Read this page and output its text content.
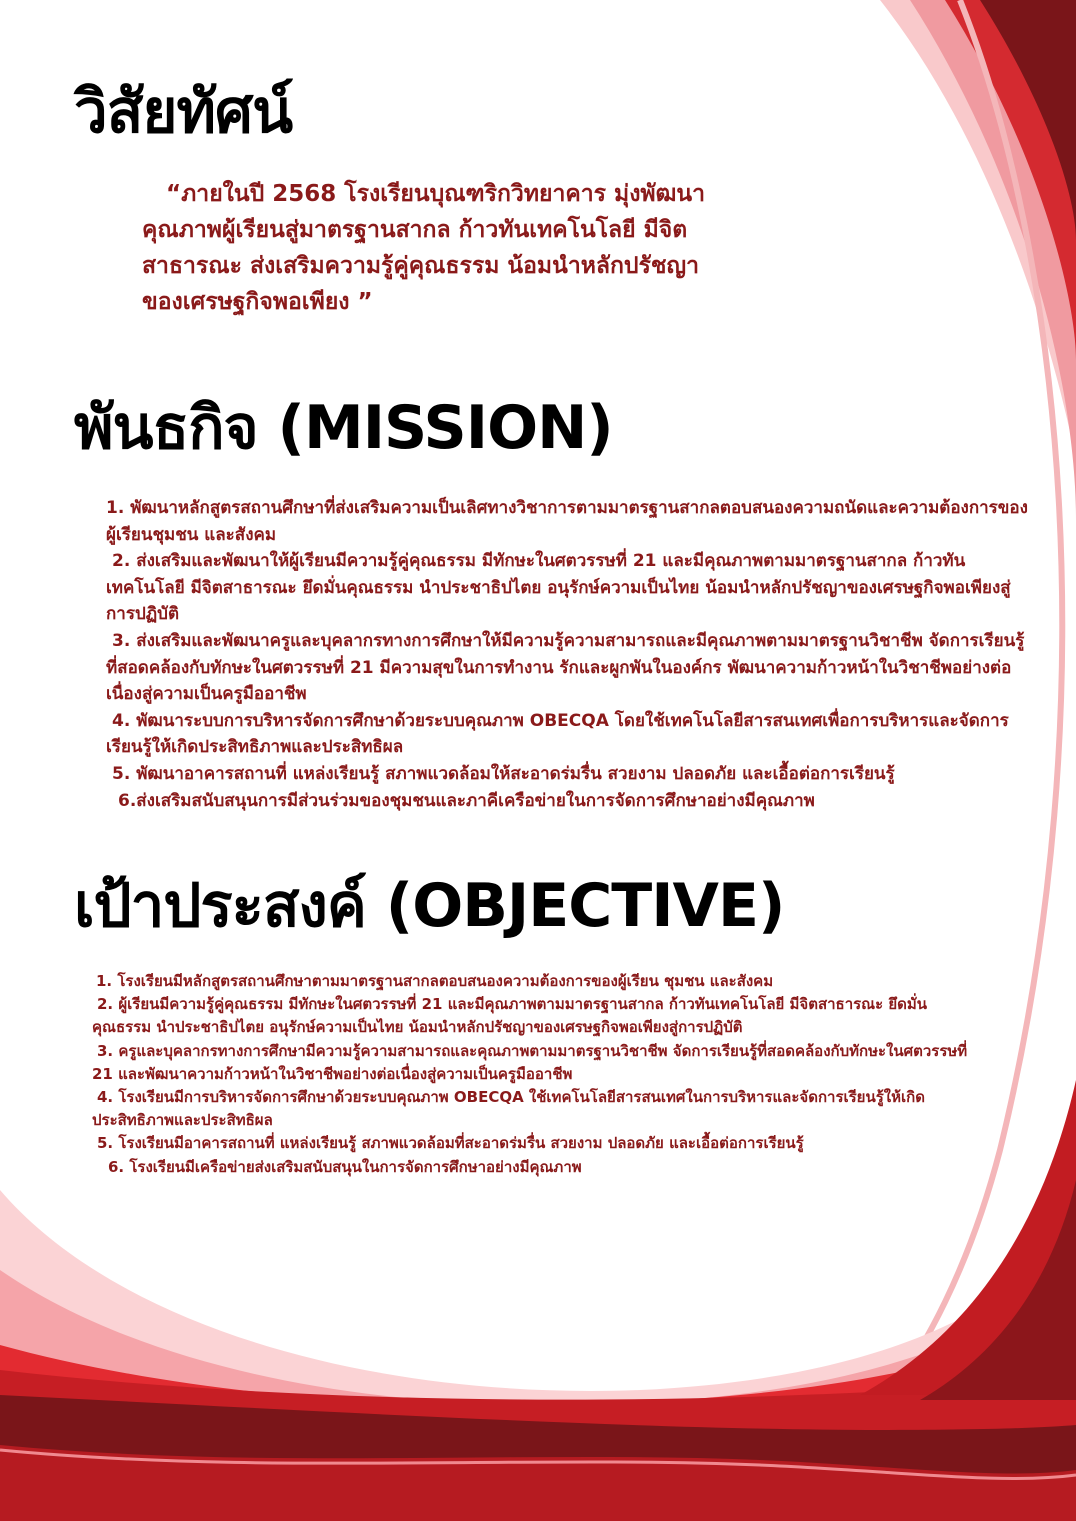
วิสัยทัศน์

“ภายในปี 2568 โรงเรียนบุณฑริกวิทยาคาร มุ่งพัฒนา
คุณภาพผู้เรียนสู่มาตรฐานสากล ก้าวทันเทคโนโลยี มีจิต
สาธารณะ ส่งเสริมความรู้คู่คุณธรรม น้อมนำหลักปรัชญา
ของเศรษฐกิจพอเพียง ”

พันธกิจ (MISSION)
1. พัฒนาหลักสูตรสถานศึกษาที่ส่งเสริมความเป็นเลิศทางวิชาการตามมาตรฐานสากลตอบสนองความถนัดและความต้องการของผู้เรียนชุมชน และสังคม
2. ส่งเสริมและพัฒนาให้ผู้เรียนมีความรู้คู่คุณธรรม มีทักษะในศตวรรษที่ 21 และมีคุณภาพตามมาตรฐานสากล ก้าวทันเทคโนโลยี มีจิตสาธารณะ ยึดมั่นคุณธรรม นำประชาธิปไตย อนุรักษ์ความเป็นไทย น้อมนำหลักปรัชญาของเศรษฐกิจพอเพียงสู่การปฏิบัติ
3. ส่งเสริมและพัฒนาครูและบุคลากรทางการศึกษาให้มีความรู้ความสามารถและมีคุณภาพตามมาตรฐานวิชาชีพ จัดการเรียนรู้ที่สอดคล้องกับทักษะในศตวรรษที่ 21 มีความสุขในการทำงาน รักและผูกพันในองค์กร พัฒนาความก้าวหน้าในวิชาชีพอย่างต่อเนื่องสู่ความเป็นครูมืออาชีพ
4. พัฒนาระบบการบริหารจัดการศึกษาด้วยระบบคุณภาพ OBECQA โดยใช้เทคโนโลยีสารสนเทศเพื่อการบริหารและจัดการเรียนรู้ให้เกิดประสิทธิภาพและประสิทธิผล
5. พัฒนาอาคารสถานที่ แหล่งเรียนรู้ สภาพแวดล้อมให้สะอาดร่มรื่น สวยงาม ปลอดภัย และเอื้อต่อการเรียนรู้
6.ส่งเสริมสนับสนุนการมีส่วนร่วมของชุมชนและภาคีเครือข่ายในการจัดการศึกษาอย่างมีคุณภาพ
เป้าประสงค์ (OBJECTIVE)
1. โรงเรียนมีหลักสูตรสถานศึกษาตามมาตรฐานสากลตอบสนองความต้องการของผู้เรียน ชุมชน และสังคม
2. ผู้เรียนมีความรู้คู่คุณธรรม มีทักษะในศตวรรษที่ 21 และมีคุณภาพตามมาตรฐานสากล ก้าวทันเทคโนโลยี มีจิตสาธารณะ ยึดมั่นคุณธรรม นำประชาธิปไตย อนุรักษ์ความเป็นไทย น้อมนำหลักปรัชญาของเศรษฐกิจพอเพียงสู่การปฏิบัติ
3. ครูและบุคลากรทางการศึกษามีความรู้ความสามารถและคุณภาพตามมาตรฐานวิชาชีพ จัดการเรียนรู้ที่สอดคล้องกับทักษะในศตวรรษที่ 21 และพัฒนาความก้าวหน้าในวิชาชีพอย่างต่อเนื่องสู่ความเป็นครูมืออาชีพ
4. โรงเรียนมีการบริหารจัดการศึกษาด้วยระบบคุณภาพ OBECQA ใช้เทคโนโลยีสารสนเทศในการบริหารและจัดการเรียนรู้ให้เกิดประสิทธิภาพและประสิทธิผล
5. โรงเรียนมีอาคารสถานที่ แหล่งเรียนรู้ สภาพแวดล้อมที่สะอาดร่มรื่น สวยงาม ปลอดภัย และเอื้อต่อการเรียนรู้
6. โรงเรียนมีเครือข่ายส่งเสริมสนับสนุนในการจัดการศึกษาอย่างมีคุณภาพ
